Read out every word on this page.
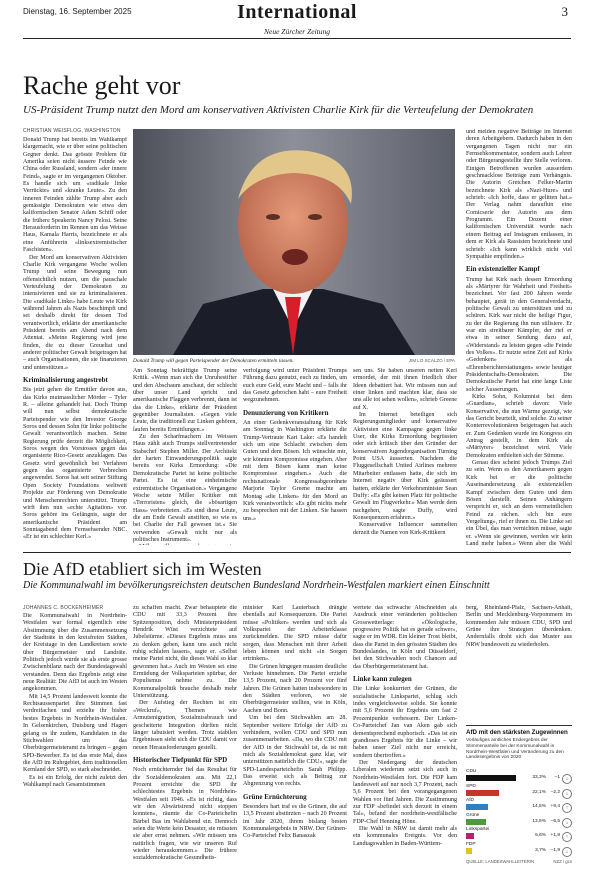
Dienstag, 16. September 2025	International
Neue Zürcher Zeitung
3
Rache geht vor
US-Präsident Trump nutzt den Mord am konservativen Aktivisten Charlie Kirk für die Verteufelung der Demokraten
CHRISTIAN WEISFLOG, WASHINGTON

Donald Trump hat bereits im Wahlkampf klargemacht, wie er über seine politischen Gegner denkt. Das grösste Problem für Amerika seien nicht äussere Feinde wie China oder Russland, sondern «der innere Feind», sagte er im vergangenen Oktober. Es handle sich um «radikale linke Verrückte» und «kranke Leute». Zu den inneren Feinden zählte Trump aber auch gemässigte Demokraten wie etwa den kalifornischen Senator Adam Schiff oder die frühere Speakerin Nancy Pelosi. Seine Herausforderin im Rennen um das Weisse Haus, Kamala Harris, bezeichnete er als eine Anführerin «linksextremistischer Faschisten».

Der Mord am konservativen Aktivisten Charlie Kirk vergangene Woche wollen Trump und seine Bewegung nun offensichtlich nutzen, um die pauschale Verteufelung der Demokraten zu intensivieren und sie zu kriminalisieren. Die «radikale Linke» habe Leute wie Kirk während Jahren als Nazis beschimpft und sei deshalb direkt für dessen Tod verantwortlich, erklärte der amerikanische Präsident bereits am Abend nach dem Attentat. «Meine Regierung wird jene finden, die zu dieser Greueltat und anderer politischer Gewalt beigetragen hat – auch Organisationen, die sie finanzieren und unterstützen.»

Kriminalisierung angestrebt

Bis jetzt gehen die Ermittler davon aus, das Kirks mutmasslicher Mörder – Tyler R. – alleine gehandelt hat. Doch Trump will nun selbst demokratische Parteispender wie den Investor George Soros und dessen Sohn für linke politische Gewalt verantwortlich machen. Seine Regierung prüfe derzeit die Möglichkeit, Soros wegen des Vorstosses gegen das organisierte Rico-Gesetz anzuklagen. Das Gesetz wird gewöhnlich bei Verfahren gegen das organisierte Verbrechen angewendet. Soros hat seit seiner Stiftung Open Society Foundations weltweit Projekte zur Förderung von Demokratie und Menschenrechten unterstützt. Trump wirft ihm nun «echte Agitation» vor. Soros gehöre ins Gefängnis, sagte der amerikanische Präsident am Sonntagabend dem Fernsehsender NBC. «Er ist ein schlechter Kerl.»

Donald Trump will gegen Parteispender der Demokraten ermitteln lassen.	JIM LO SCALZO / EPA

Am Sonntag bekräftigte Trump seine Kritik. «Wenn man sich die Unruhestifter und den Abschaum anschaut, der schlecht über unser Land spricht und amerikanische Flaggen verbrennt, dann ist das die Linke», erklärte der Präsident gegenüber Journalisten. «Gegen viele Leute, die traditionell zur Linken gehören, laufen bereits Ermittlungen.»

Zu den Scharfmachern im Weissen Haus zählt auch Trumps stellvertretender Stabschef Stephen Miller. Der Architekt der harten Einwanderungspolitik sagte bereits vor Kirks Ermordung: «Die Demokratische Partei ist keine politische Partei. Es ist eine einheimische extremistische Organisation.» Vergangene Woche setzte Miller Kritiker mit «Terroristen» gleich, die «bösartigen Hass» verbreiteten. «Es sind diese Leute, die am Ende Gewalt anstiften, so wie es bei Charlie der Fall gewesen ist.» Sie verwenden «Gewalt nicht nur als politisches Instrument».

verfolgung wird unter Präsident Trumps Führung dazu genutzt, euch zu finden, um euch eure Geld, eure Macht und – falls ihr das Gesetz gebrochen habt – eure Freiheit wegzunehmen.

Denunzierung von Kritikern

An einer Gedenkveranstaltung für Kirk am Sonntag in Washington erklärte die Trump-Vertraute Kari Lake: «Es handelt sich um eine Schlacht zwischen dem Guten und dem Bösen. Ich wünschte mir, wir könnten Kompromisse eingehen. Aber mit dem Bösen kann man keine Kompromisse eingehen.» Auch die rechtsnationale Kongressabgeordnete Marjorie Taylor Greene machte am Montag «die Linken» für den Mord an Kirk verantwortlich: «Es gibt nichts mehr zu besprechen mit der Linken. Sie hassen uns.»

sen uns. Sie haben unseren netten Kerl ermordet, der mit ihnen friedlich über Ideen debattiert hat. Wir müssen nun auf einer linken und machten klar, dass sie uns alle tot sehen wollen», schrieb Greene auf X.

Im Internet beteiligen sich Regierungsmitglieder und konservative Aktivisten eine Kampagne gegen linke User, die Kirks Ermordung begrüssten oder sich kritisch über den Gründer der konservativen Jugendorganisation Turning Point USA äusserten. Nachdem die Fluggesellschaft United Airlines mehrere Mitarbeiter entlassen hatte, die sich im Internet negativ über Kirk geäussert hatten, erklärte der Verkehrsminister Sean Duffy: «Es gibt keinen Platz für politische Gewalt im Flugverkehr.» Man werde dem nachgehen, sagte Duffy, wird Konsequenzen erfahren.»

Konservative Influencer sammelten derzeit die Namen von Kirk-Kritikern

und melden negative Beiträge im Internet deren Arbeitgebern. Dadurch haben in den vergangenen Tagen nicht nur ein Fernsehkommentator, sondern auch Lehrer oder Bürgerangestellte ihre Stelle verloren. Einigen Betroffenen wurden ausserdem geschmacklose Beiträge zum Verhängnis. Die Autorin Gretchen Felker-Martin bezeichnete Kirk als «Nazi-Hure» und schrieb: «Ich hoffe, dass er gelitten hat.» Der Verlag nahm daraufhin eine Comicserie der Autorin aus dem Programm. Ein Dozent einer kalifornischen Universität wurde nach einem Beitrag auf Instagram entlassen, in dem er Kirk als Rassisten bezeichnete und schrieb: «Ich kann wirklich nicht viel Sympathie empfinden.»

Ein existenzieller Kampf

Trump hat Kirk nach dessen Ermordung als «Märtyrer für Wahrheit und Freiheit» bezeichnet. Vor fast 200 Jahren werde behauptet, gerät in den Generalverdacht, politische Gewalt zu unterstützen und zu schüren. Kirk war nicht die heilige Figur, zu der die Regierung ihn nun stilisiere. Er war ein streitbarer Kämpfer, der rief er etwa in seiner Sendung dazu auf, «Widerstand» zu leisten gegen «die Feinde des Volkes». Er nutzte seine Zeit auf Kirks «Gedenken» als «Ehrenberichterstattungen» sowie heutiger Präsidentschafts-Demokraten. Die Demokratische Partei hat eine lange Liste solcher Äusserungen.

Kirks Sohn, Kolumnist bei dem «Guardian», schrieb davon: Viele Konservative, die nun Wärme gezeigt, wie das Gericht beurteilt, sind solche. Zu seiner Konterrevolutionären beigetragen hat auch er. Zum Gedenken wurde im Kongress ein Antrag gestellt, in dem Kirk als «Märtyrer» bezeichnet wird. Viele Demokraten enthielten sich der Stimme.

Genau dies scheint jedoch Trumps Ziel zu sein. Wenn es den Amerikanern gegen Kirk bei er die politische Auseinandersetzung als existenziellen Kampf zwischen dem Guten und dem Bösen darstellt. Seinen Anhängern verspricht er, sich an dem vermeintlichen Feind zu rächen. «Ich bin eure Vergeltung», rief er ihnen zu. Die Linke sei ein Übel, das man vernichten müsse, sagte er. «Wenn sie gewinnen, werden wir kein Land mehr haben.» Wenn aber die Wahl

Die AfD etabliert sich im Westen
Die Kommunalwahl im bevölkerungsreichsten deutschen Bundesland Nordrhein-Westfalen markiert einen Einschnitt
JOHANNES C. BOCKENHEIMER

Die Kommunalwahl in Nordrhein-Westfalen war formal eigentlich eine Abstimmung über die Zusammensetzung der Stadträte in den kreisfreien Städten, der Kreistage in den Landkreisen sowie über Bürgermeister und Landräte. Politisch jedoch wurde sie als erste grosse Zwischenbilanz nach der Bundestagswahl verstanden. Denn das Ergebnis zeigt eine neue Realität: Die AfD ist auch im Westen angekommen.

Mit 14,5 Prozent landesweit konnte die Rechtsaussenpartei ihre Stimmen fast verdreifachen und erzielte ihr bisher bestes Ergebnis in Nordrhein-Westfalen. In Gelsenkirchen, Duisburg und Hagen gelang es ihr zudem, Kandidaten in die Stichwahlen um das Oberbürgermeisteramt zu bringen – gegen SPD-Bewerber. Es ist das erste Mal, dass die AfD im Ruhrgebiet, dem traditionellen Kernland der SPD, so stark abschneidet.

Es ist ein Erfolg, der nicht zuletzt den Wahlkampf nach Gesamtstimmen

zu schaffen macht. Zwar behauptete die CDU mit 33,3 Prozent ihre Spitzenposition, doch Ministerpräsident Hendrik Wüst verzichtete auf Jubelstürme. «Dieses Ergebnis muss uns zu denken geben, kann uns auch nicht ruhig schlafen lassen», sagte er. «Selbst meine Partei nicht, die dieses Wahl so klar gewonnen hat.» Auch im Westen sei eine Ermüdung der Volksparteien spürbar, der Populismus nehme zu. Die Kommunalpolitik brauche deshalb mehr Unterstützung.

Der Aufstieg der Rechten ist ein «Weckruf», Themen wie Armutsmigration, Sozialmissbrauch und gescheiterte Integration dürften nicht länger tabuisiert werden. Trotz stabilen Ergebnissen sieht sich die CDU damit vor neuen Herausforderungen gestellt.

Historischer Tiefpunkt für SPD

Noch ernüchternder fiel das Resultat für die Sozialdemokraten aus. Mit 22,1 Prozent erreichte die SPD ihr schlechtestes Ergebnis in Nordrhein-Westfalen seit 1946. «Es ist richtig, dass wir den Abwärtstrend nicht stoppen konnten», räumte die Co-Parteichefin Bärbel Bas im Wahlabend ein. Dennoch seien die Werte kein Desaster, sie müssten sie aber ernst nehmen. «Wir müssen uns natürlich fragen, wie wir unseren Ruf wieder herauskommen.» Die frühere sozialdemokratische Gesundheits-

minister Karl Lauterbach drängte ebenfalls auf Konsequenzen. Die Partei müsse «Politiker» werden und sich als Volkspartei der Arbeiterklasse zurückmelden. Die SPD müsse dafür sorgen, dass Menschen mit ihrer Arbeit leben können und nicht «in Sorgen ertrinken».

Die Grünen hingegen mussten deutliche Verluste hinnehmen. Die Partei erzielte 13,5 Prozent, nach 20 Prozent vor fünf Jahren. Die Grünen hatten insbesondere in den Städten verloren, wo sie Oberbürgermeister stellten, wie in Köln, Aachen und Bonn.

Um bei den Stichwahlen am 28. September weitere Erfolge der AfD zu verhindern, wollen CDU und SPD nun zusammenarbeiten. «Da, wo die CDU mit der AfD in der Stichwahl ist, da ist mit mich als Sozialdemokrat ganz klar, wir unterstützen natürlich die CDU», sagte die SPD-Landesparteichefin Sarah Philipp. Das erweist sich als Beitrag zur Abgrenzung von rechts.

Grüne Ernüchterung

Besonders hart traf es die Grünen, die auf 13,5 Prozent abstürzten – nach 20 Prozent im Jahr 2020, ihrem bislang besten Kommunalergebnis in NRW. Der Grünen-Co-Parteichef Felix Banaszak

wertete das schwache Abschneiden als Ausdruck einer veränderten politischen Grosswetterlage: «Ökologische, progressive Politik hat es gerade schwer», sagte er im WDR. Ein kleiner Trost bleibt, dass die Partei in den grössten Städten des Bundeslandes, in Köln und Düsseldorf, bei den Stichwahlen noch Chancen auf das Oberbürgermeisteramt hat.

Linke kann zulegen

Die Linke konkurriert der Grünen, die sozialistische Linkspartei, schlug sich indes vergleichsweise solide. Sie konnte mit 5,6 Prozent ihr Ergebnis um fast 2 Prozentpunkte verbessern. Der Linken-Co-Parteichef Jan van Aken gab sich dementsprechend euphorisch. «Das ist ein grandioses Ergebnis für die Linke – wir haben unser Ziel nicht nur erreicht, sondern übertroffen.»

Der Niedergang der deutschen Liberalen wiederum setzt sich auch in Nordrhein-Westfalen fort. Die FDP kam landesweit auf nur noch 3,7 Prozent, nach 5,6 Prozent bei den vorangegangenen Wahlen vor fünf Jahren. Die Zustimmung zur FDP «befindet sich derzeit in einem Tal», befand der nordrhein-westfälische FDP-Chef Henning Höne.

Die Wahl in NRW ist damit mehr als ein kommunales Ereignis. Vor den Landtagswahlen in Baden-Württem-

berg, Rheinland-Pfalz, Sachsen-Anhalt, Berlin und Mecklenburg-Vorpommern im kommenden Jahr müssen CDU, SPD und Grüne ihre Strategien überdenken. Andernfalls droht sich das Muster aus NRW bundesweit zu wiederholen.

AfD mit den stärksten Zugewinnen
Vorläufiges amtliches Endergebnis der Stimmenanteile bei der Kommunalwahl in Nordrhein-Westfalen und Veränderung zu den Landesergebnis von 2020
CDU
33,3%	–1	↓
SPD
22,1% –2,2	↓
AfD
14,5% +9,4	↑
Grüne
13,5% –6,5	↓
Linkspartei
5,6% +1,8	↑
FDP
3,7% –1,9	↓
QUELLE: LANDESWAHLLEITERIN	NZZ / gcs
